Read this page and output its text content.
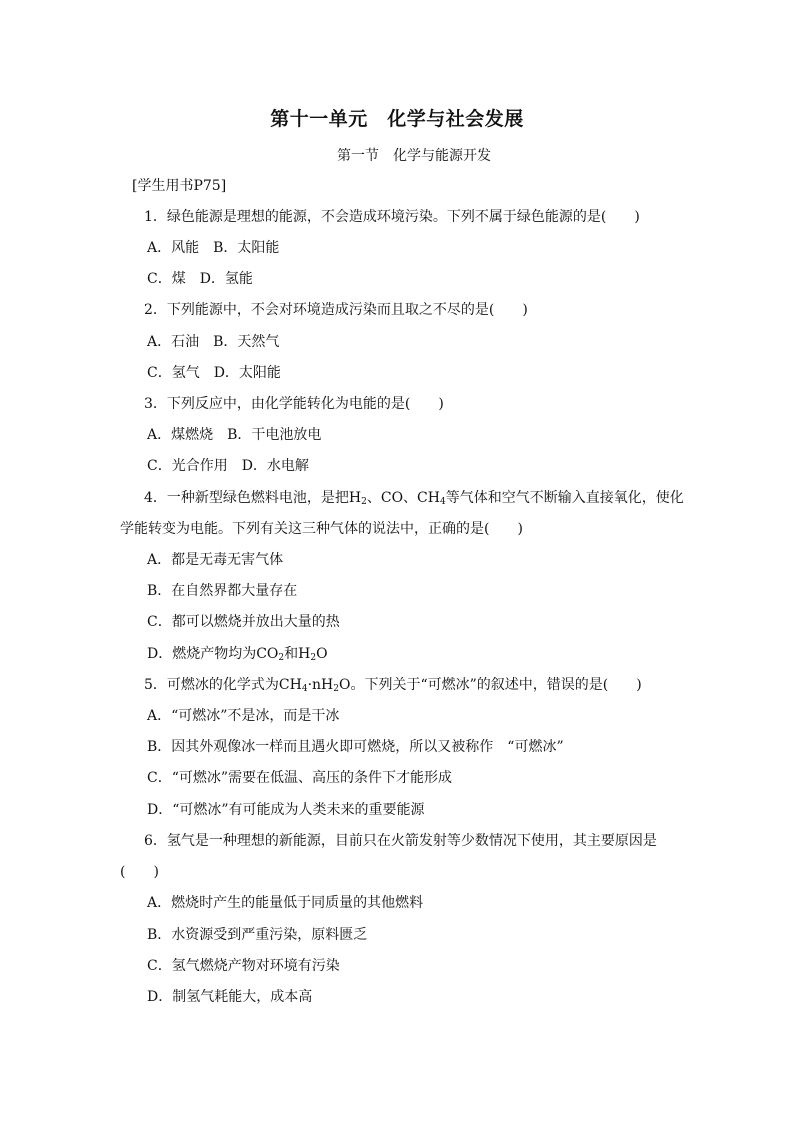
第十一单元　化学与社会发展
第一节　化学与能源开发
[学生用书P75]
1．绿色能源是理想的能源，不会造成环境污染。下列不属于绿色能源的是(　　)
A．风能　B．太阳能
C．煤　D．氢能
2．下列能源中，不会对环境造成污染而且取之不尽的是(　　)
A．石油　B．天然气
C．氢气　D．太阳能
3．下列反应中，由化学能转化为电能的是(　　)
A．煤燃烧　B．干电池放电
C．光合作用　D．水电解
4．一种新型绿色燃料电池，是把$H_2$、CO、$CH_4$等气体和空气不断输入直接氧化，使化
学能转变为电能。下列有关这三种气体的说法中，正确的是(　　)
A．都是无毒无害气体
B．在自然界都大量存在
C．都可以燃烧并放出大量的热
D．燃烧产物均为$CO_2$和$H_2O$
5．可燃冰的化学式为$CH_4\cdot nH_2O$。下列关于“可燃冰”的叙述中，错误的是(　　)
A．“可燃冰”不是冰，而是干冰
B．因其外观像冰一样而且遇火即可燃烧，所以又被称作　“可燃冰”
C．“可燃冰”需要在低温、高压的条件下才能形成
D．“可燃冰”有可能成为人类未来的重要能源
6．氢气是一种理想的新能源，目前只在火箭发射等少数情况下使用，其主要原因是
(　　)
A．燃烧时产生的能量低于同质量的其他燃料
B．水资源受到严重污染，原料匮乏
C．氢气燃烧产物对环境有污染
D．制氢气耗能大，成本高
